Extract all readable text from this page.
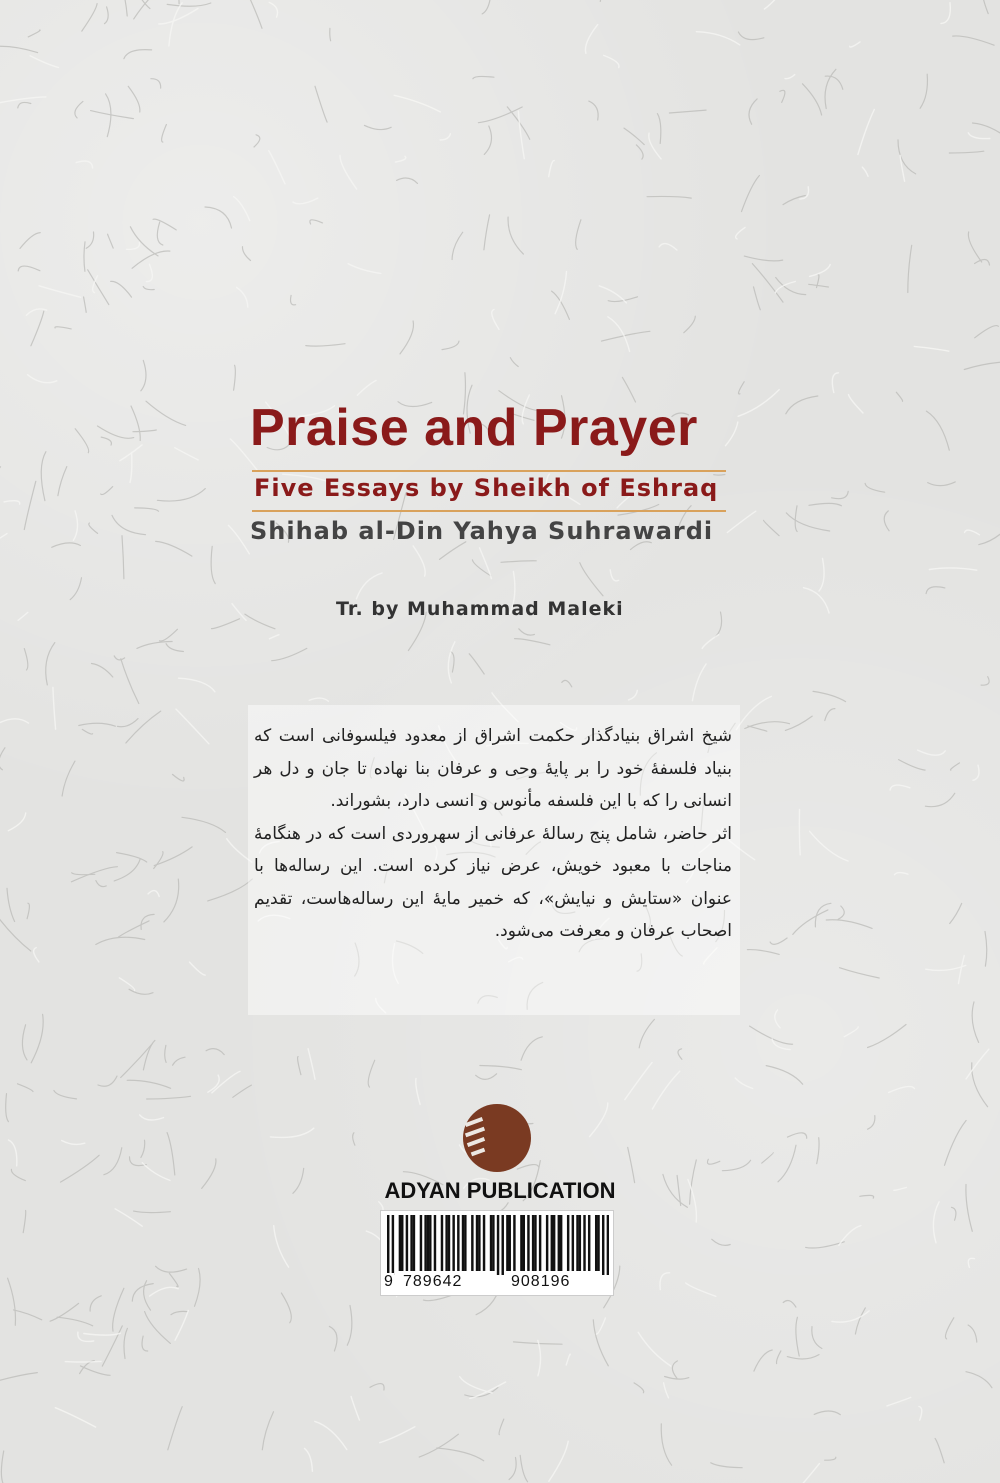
Praise and Prayer
Five Essays by Sheikh of Eshraq
Shihab al-Din Yahya Suhrawardi
Tr. by Muhammad Maleki

شیخ اشراق بنیادگذار حکمت اشراق از معدود فیلسوفانی است که بنیاد فلسفهٔ خود را بر پایهٔ وحی و عرفان بنا نهاده تا جان و دل هر انسانی را که با این فلسفه مأنوس و انسی دارد، بشوراند.

اثر حاضر، شامل پنج رسالهٔ عرفانی از سهروردی است که در هنگامهٔ مناجات با معبود خویش، عرض نیاز کرده است. این رساله‌ها با عنوان «ستایش و نیایش»، که خمیر مایهٔ این رساله‌هاست، تقدیم اصحاب عرفان و معرفت می‌شود.

ADYAN PUBLICATION
9 789642	908196
